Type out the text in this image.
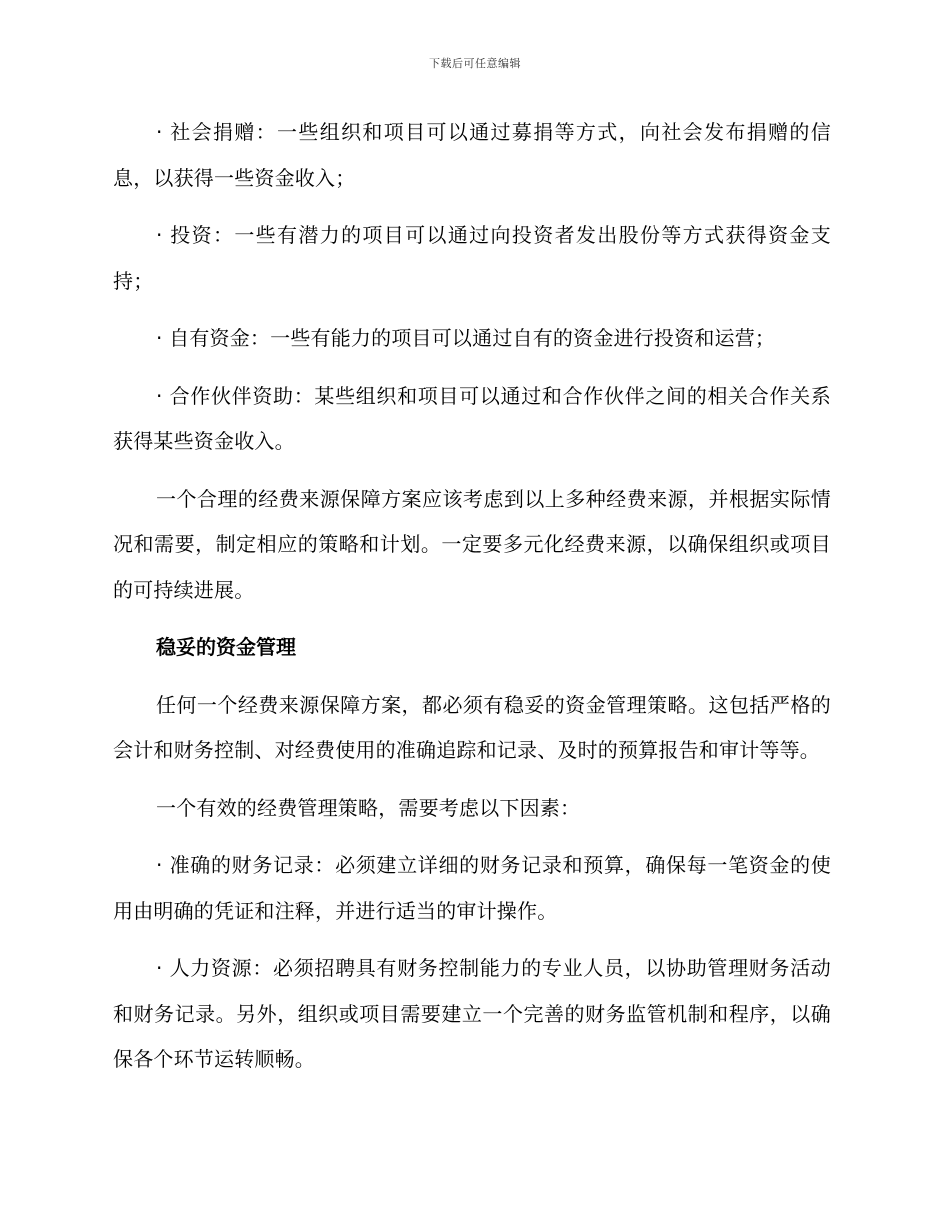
下载后可任意编辑

· 社会捐赠：一些组织和项目可以通过募捐等方式，向社会发布捐赠的信息，以获得一些资金收入；

· 投资：一些有潜力的项目可以通过向投资者发出股份等方式获得资金支持；

· 自有资金：一些有能力的项目可以通过自有的资金进行投资和运营；

· 合作伙伴资助：某些组织和项目可以通过和合作伙伴之间的相关合作关系获得某些资金收入。

一个合理的经费来源保障方案应该考虑到以上多种经费来源，并根据实际情况和需要，制定相应的策略和计划。一定要多元化经费来源，以确保组织或项目的可持续进展。

稳妥的资金管理

任何一个经费来源保障方案，都必须有稳妥的资金管理策略。这包括严格的会计和财务控制、对经费使用的准确追踪和记录、及时的预算报告和审计等等。

一个有效的经费管理策略，需要考虑以下因素：

· 准确的财务记录：必须建立详细的财务记录和预算，确保每一笔资金的使用由明确的凭证和注释，并进行适当的审计操作。

· 人力资源：必须招聘具有财务控制能力的专业人员，以协助管理财务活动和财务记录。另外，组织或项目需要建立一个完善的财务监管机制和程序，以确保各个环节运转顺畅。
